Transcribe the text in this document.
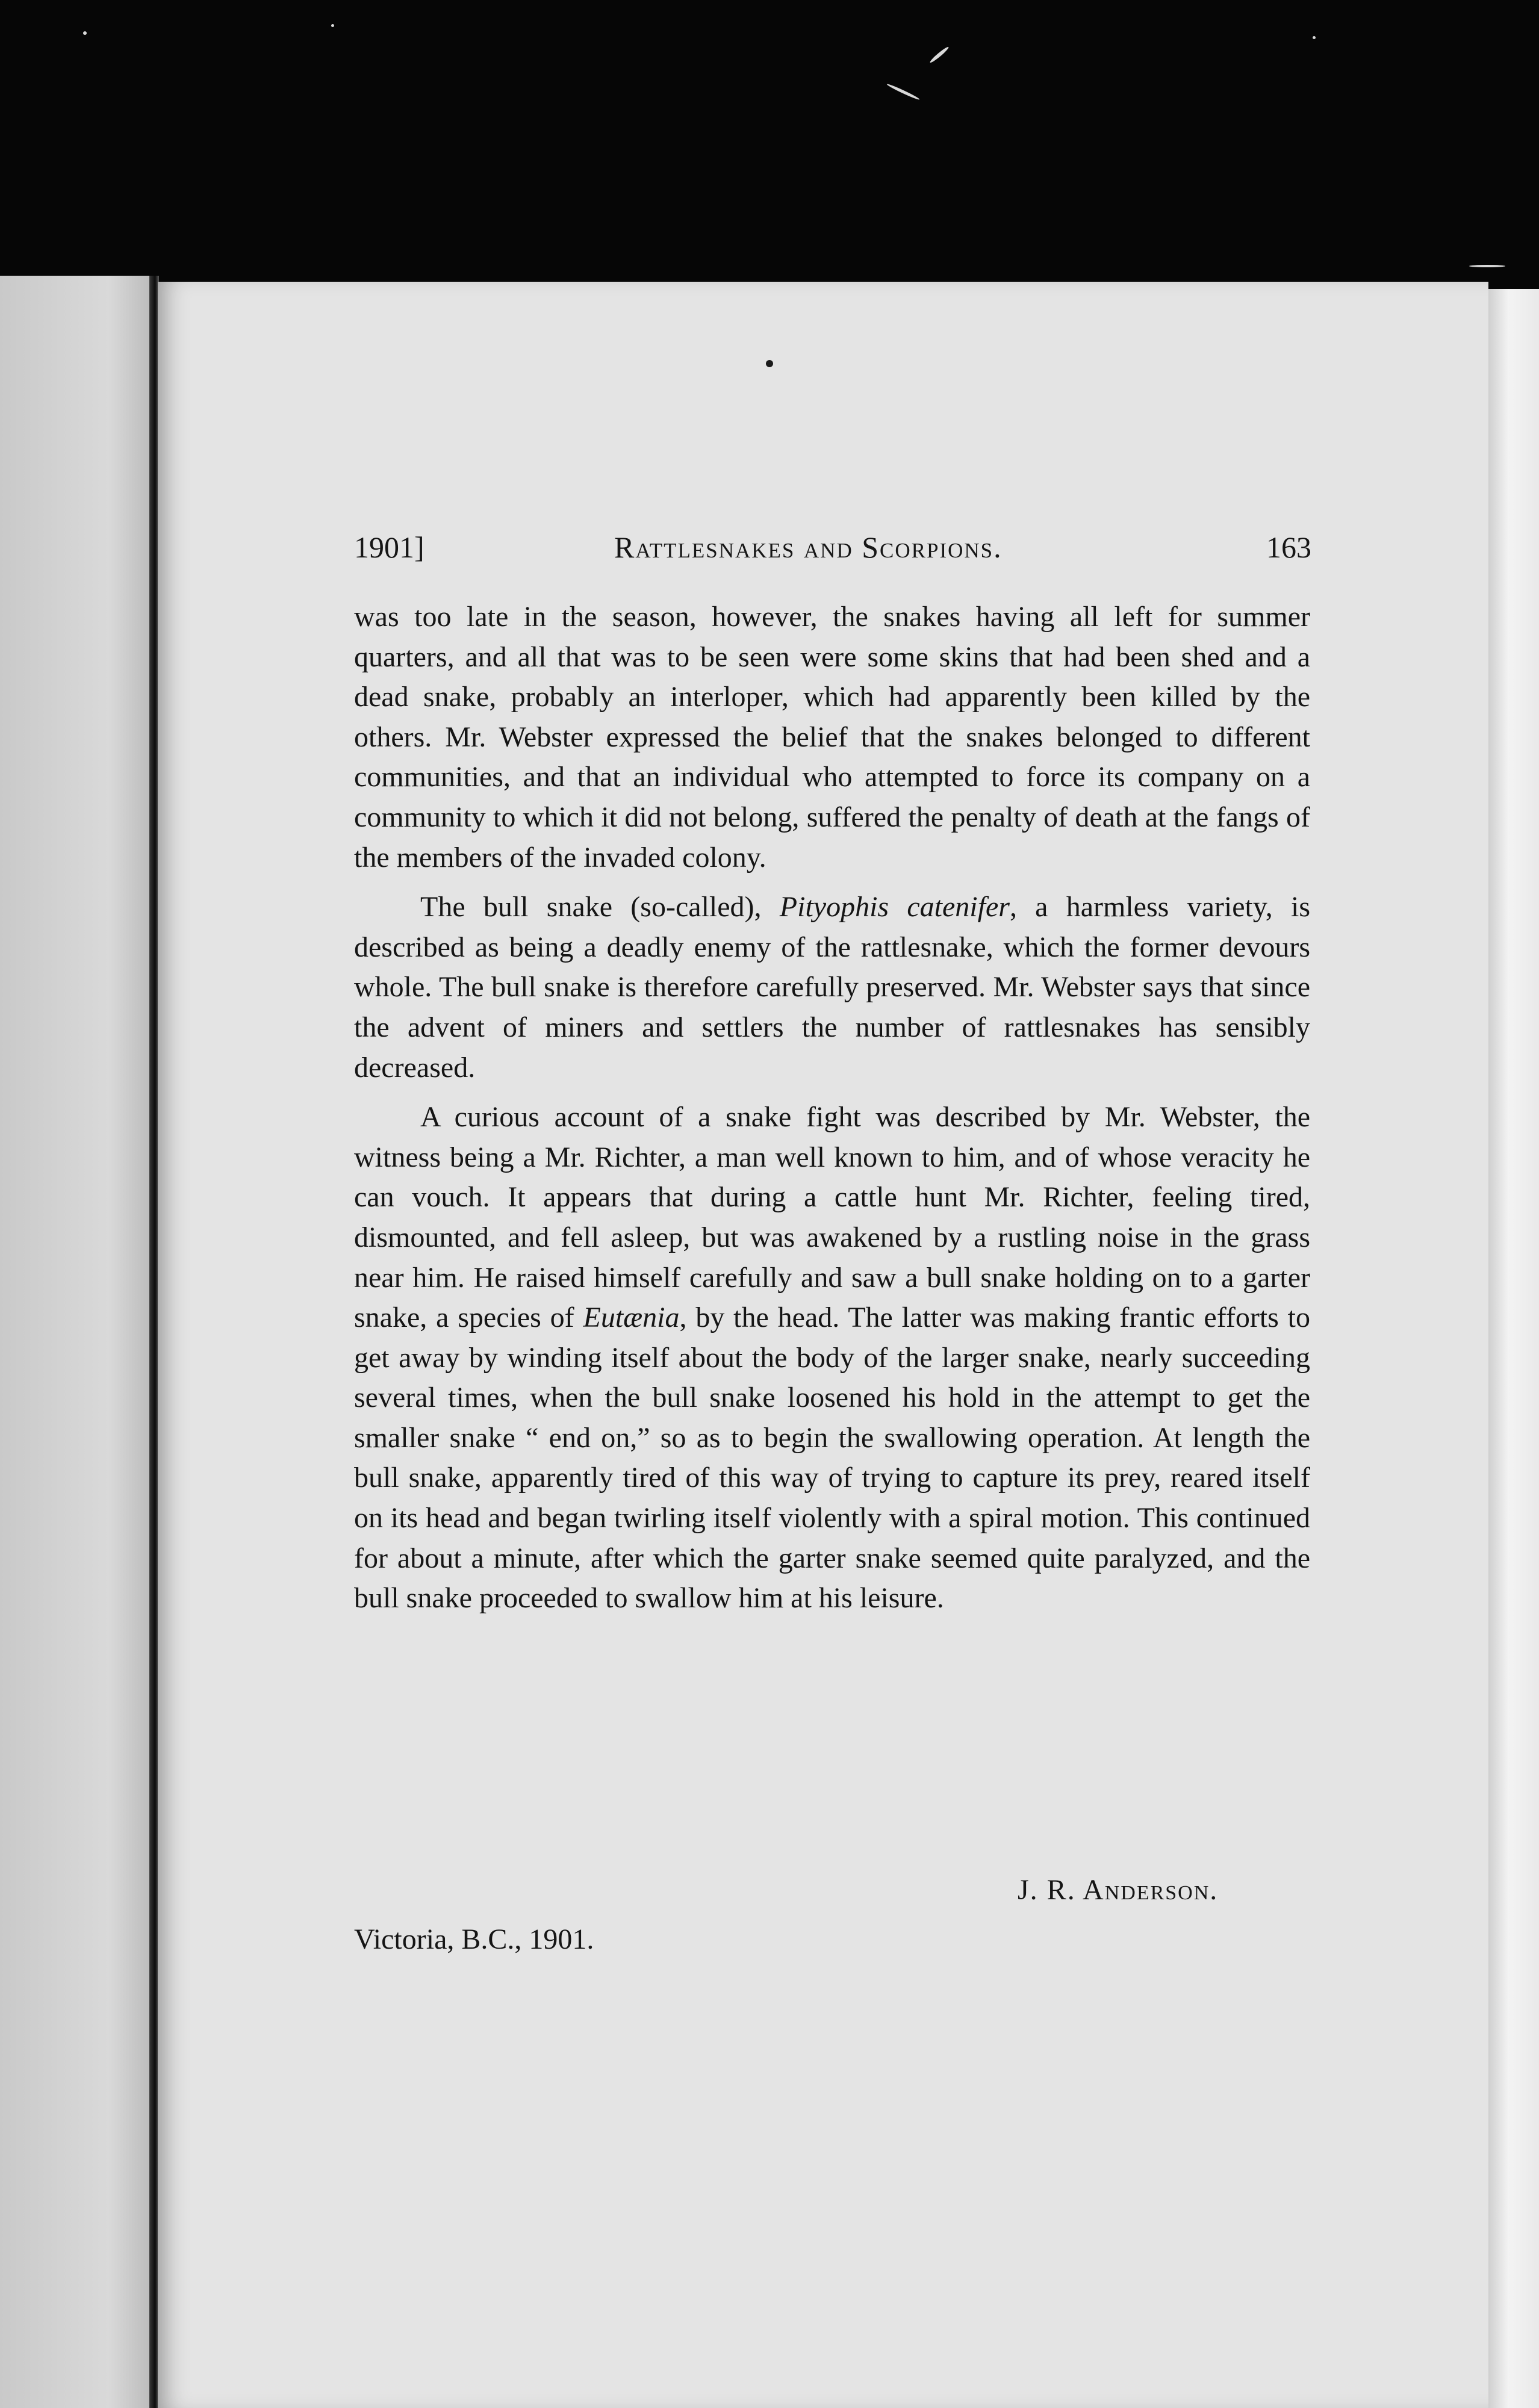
1901]	Rattlesnakes and Scorpions.	163

was too late in the season, however, the snakes having all left for summer quarters, and all that was to be seen were some skins that had been shed and a dead snake, probably an interloper, which had apparently been killed by the others. Mr. Webster expressed the belief that the snakes belonged to different communities, and that an individual who attempted to force its company on a community to which it did not belong, suffered the penalty of death at the fangs of the members of the invaded colony.

The bull snake (so-called), Pityophis catenifer, a harmless variety, is described as being a deadly enemy of the rattlesnake, which the former devours whole. The bull snake is therefore carefully preserved. Mr. Webster says that since the advent of miners and settlers the number of rattlesnakes has sensibly decreased.

A curious account of a snake fight was described by Mr. Webster, the witness being a Mr. Richter, a man well known to him, and of whose veracity he can vouch. It appears that during a cattle hunt Mr. Richter, feeling tired, dismounted, and fell asleep, but was awakened by a rustling noise in the grass near him. He raised himself carefully and saw a bull snake holding on to a garter snake, a species of Eutænia, by the head. The latter was making frantic efforts to get away by winding itself about the body of the larger snake, nearly succeeding several times, when the bull snake loosened his hold in the attempt to get the smaller snake “ end on,” so as to begin the swallowing operation. At length the bull snake, apparently tired of this way of trying to capture its prey, reared itself on its head and began twirling itself violently with a spiral motion. This continued for about a minute, after which the garter snake seemed quite paralyzed, and the bull snake proceeded to swallow him at his leisure.

J. R. Anderson.
Victoria, B.C., 1901.
